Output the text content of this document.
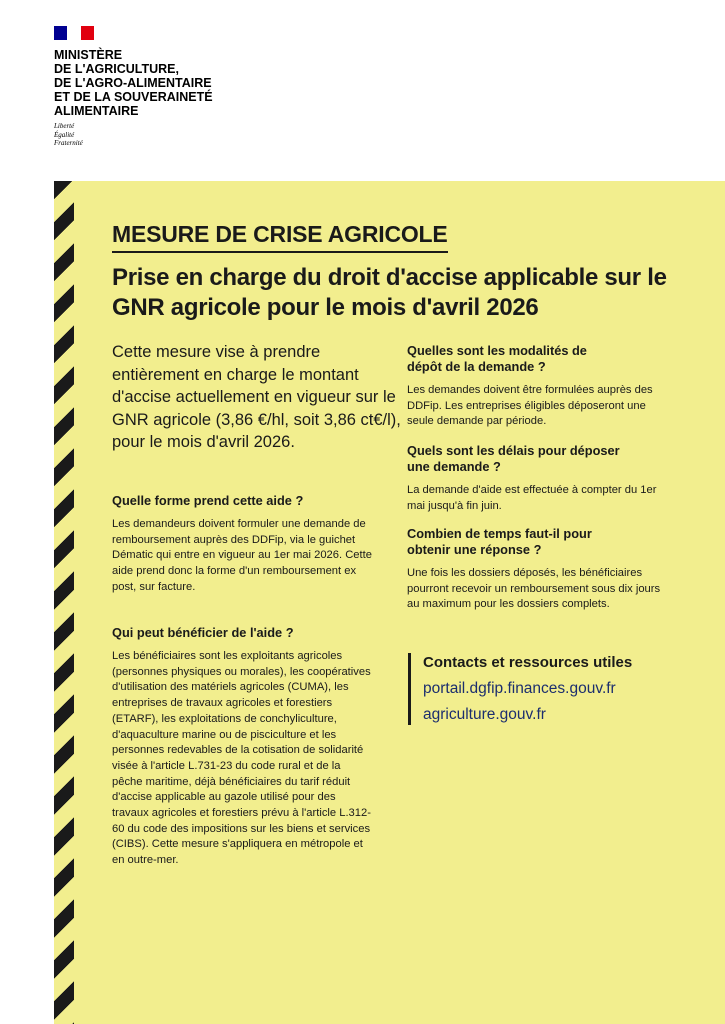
MINISTÈRE
DE L'AGRICULTURE,
DE L'AGRO-ALIMENTAIRE
ET DE LA SOUVERAINETÉ
ALIMENTAIRE
Liberté
Égalité
Fraternité
MESURE DE CRISE AGRICOLE
Prise en charge du droit d'accise applicable sur le GNR agricole pour le mois d'avril 2026
Cette mesure vise à prendre entièrement en charge le montant d'accise actuellement en vigueur sur le GNR agricole (3,86 €/hl, soit 3,86 ct€/l), pour le mois d'avril 2026.
Quelle forme prend cette aide ?
Les demandeurs doivent formuler une demande de remboursement auprès des DDFip, via le guichet Dématic qui entre en vigueur au 1er mai 2026. Cette aide prend donc la forme d'un remboursement ex post, sur facture.
Qui peut bénéficier de l'aide ?
Les bénéficiaires sont les exploitants agricoles (personnes physiques ou morales), les coopératives d'utilisation des matériels agricoles (CUMA), les entreprises de travaux agricoles et forestiers (ETARF), les exploitations de conchyliculture, d'aquaculture marine ou de pisciculture et les personnes redevables de la cotisation de solidarité visée à l'article L.731-23 du code rural et de la pêche maritime, déjà bénéficiaires du tarif réduit d'accise applicable au gazole utilisé pour des travaux agricoles et forestiers prévu à l'article L.312-60 du code des impositions sur les biens et services (CIBS). Cette mesure s'appliquera en métropole et en outre-mer.
Quelles sont les modalités de dépôt de la demande ?
Les demandes doivent être formulées auprès des DDFip. Les entreprises éligibles déposeront une seule demande par période.
Quels sont les délais pour déposer une demande ?
La demande d'aide est effectuée à compter du 1er mai jusqu'à fin juin.
Combien de temps faut-il pour obtenir une réponse ?
Une fois les dossiers déposés, les bénéficiaires pourront recevoir un remboursement sous dix jours au maximum pour les dossiers complets.
Contacts et ressources utiles
portail.dgfip.finances.gouv.fr
agriculture.gouv.fr
